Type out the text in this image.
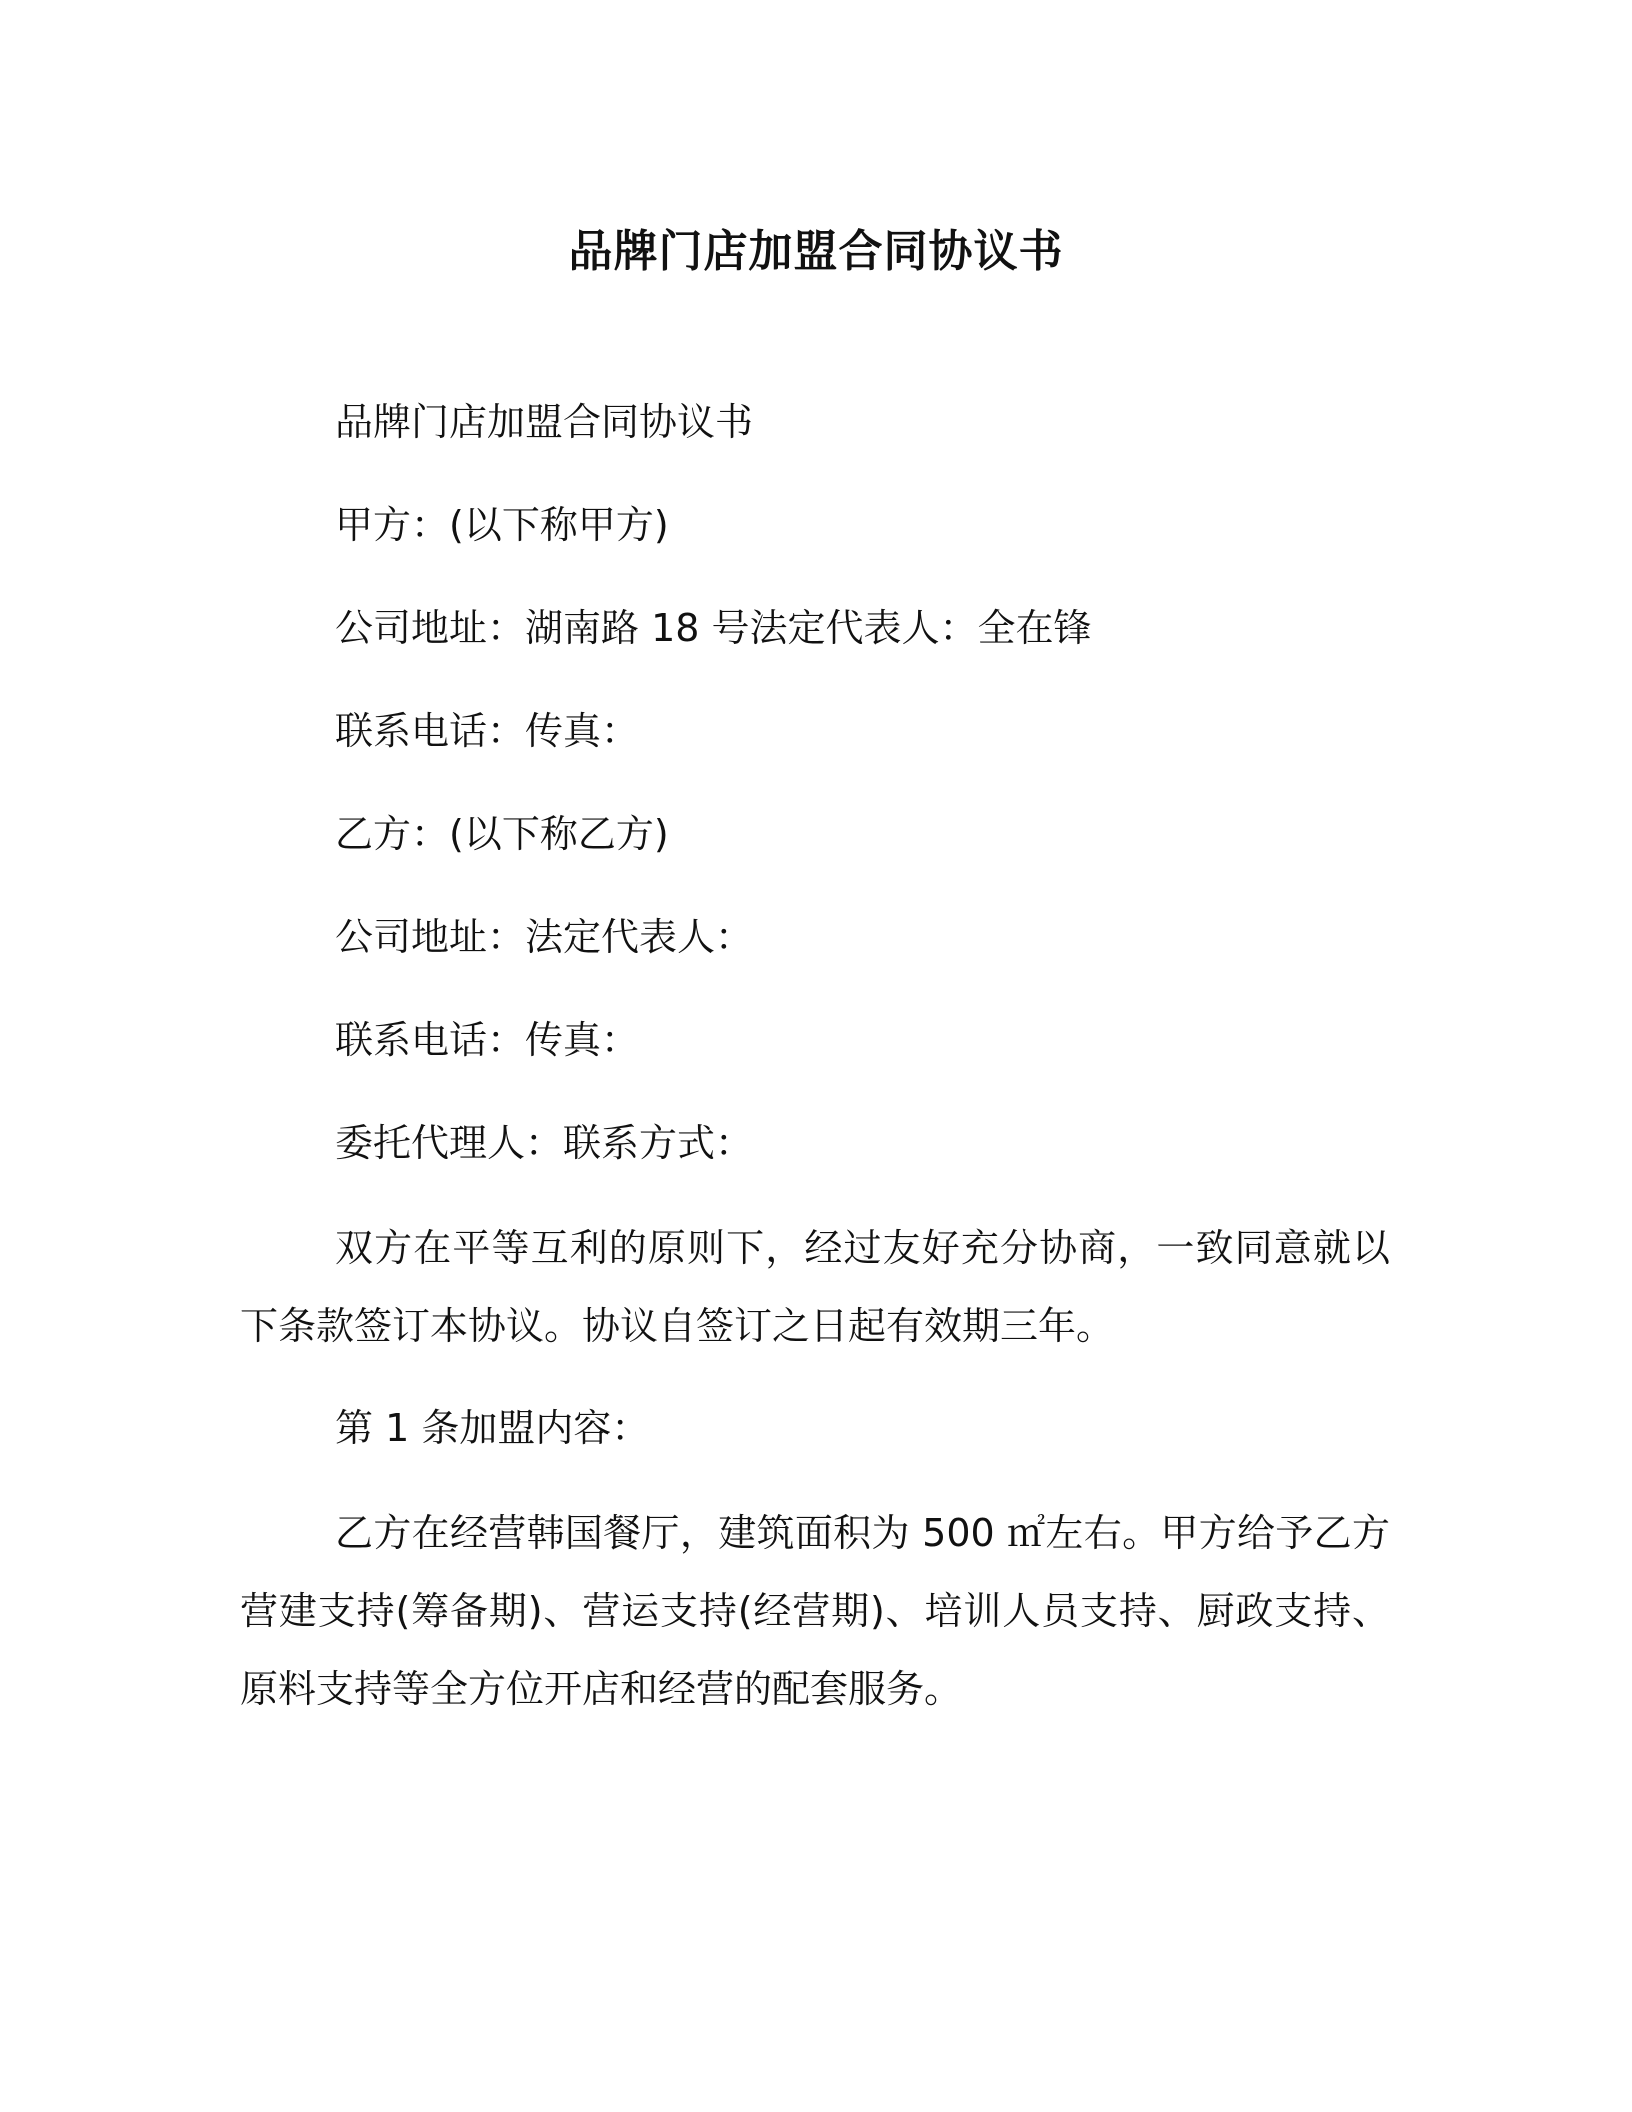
品牌门店加盟合同协议书
品牌门店加盟合同协议书
甲方：(以下称甲方)
公司地址：湖南路 18 号法定代表人：全在锋
联系电话：传真：
乙方：(以下称乙方)
公司地址：法定代表人：
联系电话：传真：
委托代理人：联系方式：
双方在平等互利的原则下，经过友好充分协商，一致同意就以下条款签订本协议。协议自签订之日起有效期三年。
第 1 条加盟内容：
乙方在经营韩国餐厅，建筑面积为 500 ㎡左右。甲方给予乙方营建支持(筹备期)、营运支持(经营期)、培训人员支持、厨政支持、原料支持等全方位开店和经营的配套服务。
